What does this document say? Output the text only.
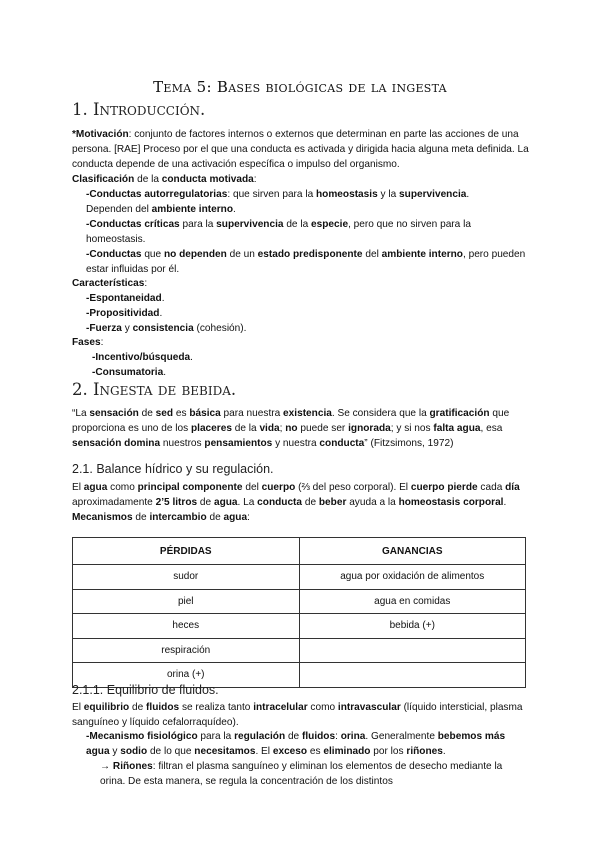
Tema 5: Bases biológicas de la ingesta
1. Introducción.
*Motivación: conjunto de factores internos o externos que determinan en parte las acciones de una persona. [RAE] Proceso por el que una conducta es activada y dirigida hacia alguna meta definida. La conducta depende de una activación específica o impulso del organismo.
Clasificación de la conducta motivada:
-Conductas autorregulatorias: que sirven para la homeostasis y la supervivencia.
Dependen del ambiente interno.
-Conductas críticas para la supervivencia de la especie, pero que no sirven para la homeostasis.
-Conductas que no dependen de un estado predisponente del ambiente interno, pero pueden estar influidas por él.
Características:
-Espontaneidad.
-Propositividad.
-Fuerza y consistencia (cohesión).
Fases:
-Incentivo/búsqueda.
-Consumatoria.
2. Ingesta de bebida.
“La sensación de sed es básica para nuestra existencia. Se considera que la gratificación que proporciona es uno de los placeres de la vida; no puede ser ignorada; y si nos falta agua, esa sensación domina nuestros pensamientos y nuestra conducta” (Fitzsimons, 1972)
2.1. Balance hídrico y su regulación.
El agua como principal componente del cuerpo (⅔ del peso corporal). El cuerpo pierde cada día aproximadamente 2’5 litros de agua. La conducta de beber ayuda a la homeostasis corporal. Mecanismos de intercambio de agua:
PÉRDIDAS	GANANCIAS
sudor	agua por oxidación de alimentos
piel	agua en comidas
heces	bebida (+)
respiración	
orina (+)	
2.1.1. Equilibrio de fluidos.
El equilibrio de fluidos se realiza tanto intracelular como intravascular (líquido intersticial, plasma sanguíneo y líquido cefalorraquídeo).
-Mecanismo fisiológico para la regulación de fluidos: orina. Generalmente bebemos más agua y sodio de lo que necesitamos. El exceso es eliminado por los riñones.
→ Riñones: filtran el plasma sanguíneo y eliminan los elementos de desecho mediante la orina. De esta manera, se regula la concentración de los distintos
